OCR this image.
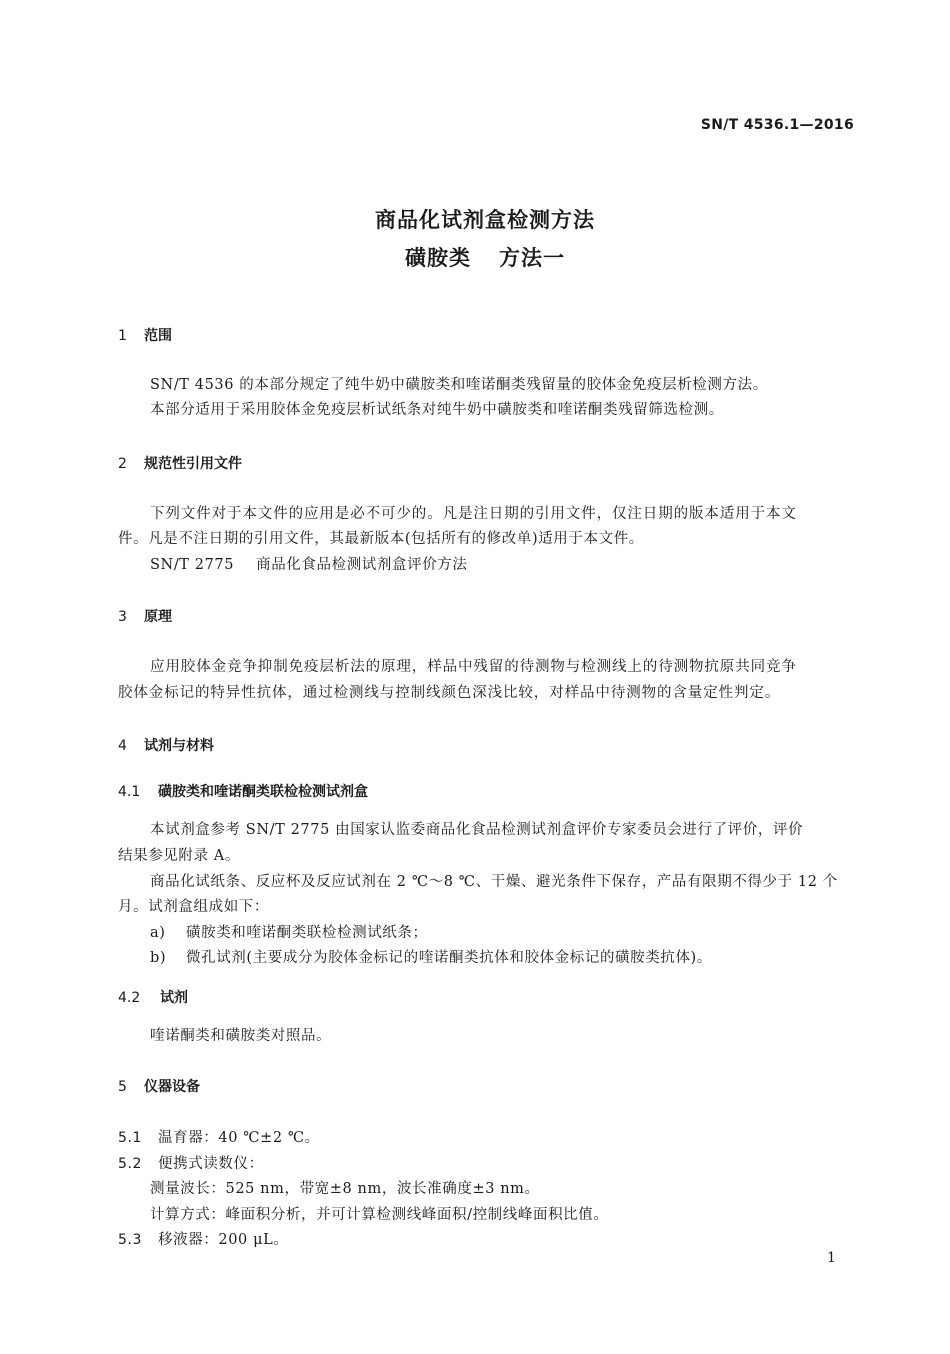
SN/T 4536.1—2016
商品化试剂盒检测方法
磺胺类 方法一
1 范围
SN/T 4536 的本部分规定了纯牛奶中磺胺类和喹诺酮类残留量的胶体金免疫层析检测方法。
本部分适用于采用胶体金免疫层析试纸条对纯牛奶中磺胺类和喹诺酮类残留筛选检测。
2 规范性引用文件
下列文件对于本文件的应用是必不可少的。凡是注日期的引用文件，仅注日期的版本适用于本文
件。凡是不注日期的引用文件，其最新版本(包括所有的修改单)适用于本文件。
SN/T 2775 商品化食品检测试剂盒评价方法
3 原理
应用胶体金竞争抑制免疫层析法的原理，样品中残留的待测物与检测线上的待测物抗原共同竞争
胶体金标记的特异性抗体，通过检测线与控制线颜色深浅比较，对样品中待测物的含量定性判定。
4 试剂与材料
4.1 磺胺类和喹诺酮类联检检测试剂盒
本试剂盒参考 SN/T 2775 由国家认监委商品化食品检测试剂盒评价专家委员会进行了评价，评价
结果参见附录 A。
商品化试纸条、反应杯及反应试剂在 2 ℃～8 ℃、干燥、避光条件下保存，产品有限期不得少于 12 个
月。试剂盒组成如下：
a) 磺胺类和喹诺酮类联检检测试纸条；
b) 微孔试剂(主要成分为胶体金标记的喹诺酮类抗体和胶体金标记的磺胺类抗体)。
4.2 试剂
喹诺酮类和磺胺类对照品。
5 仪器设备
5.1 温育器：40 ℃±2 ℃。
5.2 便携式读数仪：
测量波长：525 nm，带宽±8 nm，波长准确度±3 nm。
计算方式：峰面积分析，并可计算检测线峰面积/控制线峰面积比值。
5.3 移液器：200 μL。
1
